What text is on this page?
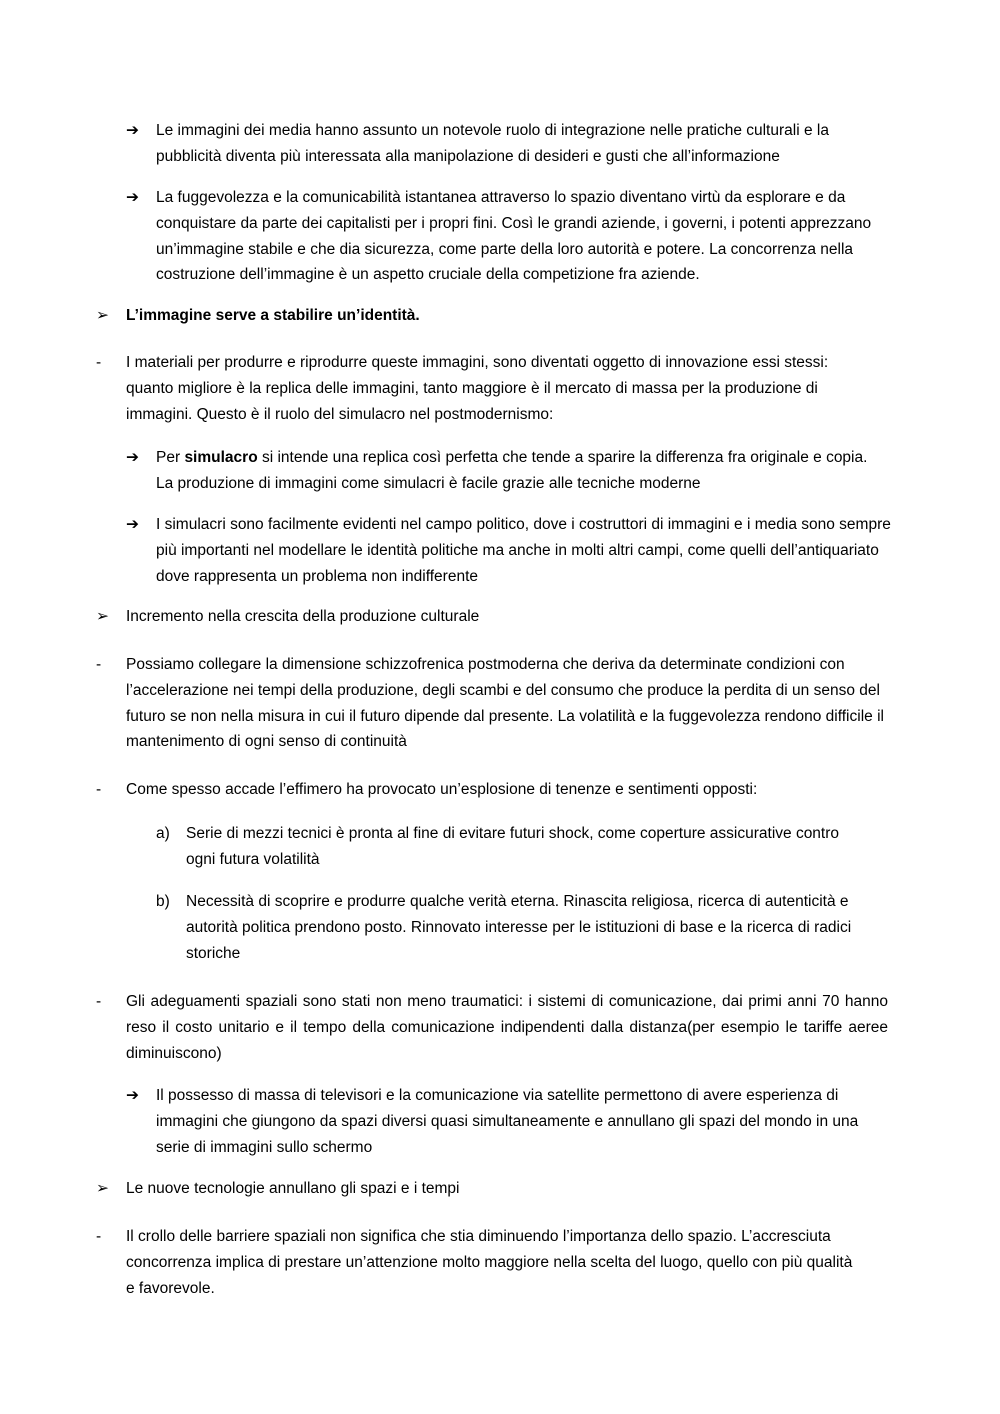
➔ Le immagini dei media hanno assunto un notevole ruolo di integrazione nelle pratiche culturali e la pubblicità diventa più interessata alla manipolazione di desideri e gusti che all’informazione
➔ La fuggevolezza e la comunicabilità istantanea attraverso lo spazio diventano virtù da esplorare e da conquistare da parte dei capitalisti per i propri fini. Così le grandi aziende, i governi, i potenti apprezzano un’immagine stabile e che dia sicurezza, come parte della loro autorità e potere. La concorrenza nella costruzione dell’immagine è un aspetto cruciale della competizione fra aziende.
➢ L’immagine serve a stabilire un’identità.
- I materiali per produrre e riprodurre queste immagini, sono diventati oggetto di innovazione essi stessi: quanto migliore è la replica delle immagini, tanto maggiore è il mercato di massa per la produzione di immagini. Questo è il ruolo del simulacro nel postmodernismo:
➔ Per simulacro si intende una replica così perfetta che tende a sparire la differenza fra originale e copia. La produzione di immagini come simulacri è facile grazie alle tecniche moderne
➔ I simulacri sono facilmente evidenti nel campo politico, dove i costruttori di immagini e i media sono sempre più importanti nel modellare le identità politiche ma anche in molti altri campi, come quelli dell’antiquariato dove rappresenta un problema non indifferente
➢ Incremento nella crescita della produzione culturale
- Possiamo collegare la dimensione schizzofrenica postmoderna che deriva da determinate condizioni con l’accelerazione nei tempi della produzione, degli scambi e del consumo che produce la perdita di un senso del futuro se non nella misura in cui il futuro dipende dal presente. La volatilità e la fuggevolezza rendono difficile il mantenimento di ogni senso di continuità
- Come spesso accade l’effimero ha provocato un’esplosione di tenenze e sentimenti opposti:
a) Serie di mezzi tecnici è pronta al fine di evitare futuri shock, come coperture assicurative contro ogni futura volatilità
b) Necessità di scoprire e produrre qualche verità eterna. Rinascita religiosa, ricerca di autenticità e autorità politica prendono posto. Rinnovato interesse per le istituzioni di base e la ricerca di radici storiche
- Gli adeguamenti spaziali sono stati non meno traumatici: i sistemi di comunicazione, dai primi anni 70 hanno reso il costo unitario e il tempo della comunicazione indipendenti dalla distanza(per esempio le tariffe aeree diminuiscono)
➔ Il possesso di massa di televisori e la comunicazione via satellite permettono di avere esperienza di immagini che giungono da spazi diversi quasi simultaneamente e annullano gli spazi del mondo in una serie di immagini sullo schermo
➢ Le nuove tecnologie annullano gli spazi e i tempi
- Il crollo delle barriere spaziali non significa che stia diminuendo l’importanza dello spazio. L’accresciuta concorrenza implica di prestare un’attenzione molto maggiore nella scelta del luogo, quello con più qualità e favorevole.
